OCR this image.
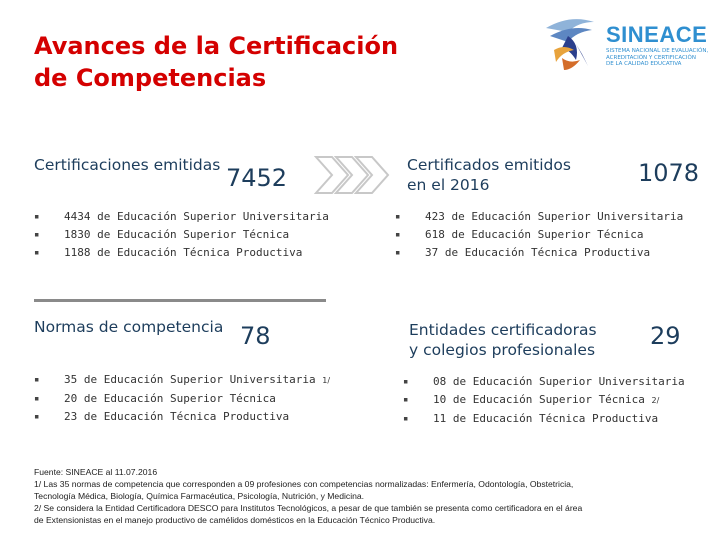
Avances de la Certificación
de Competencias
SINEACE
SISTEMA NACIONAL DE EVALUACIÓN,
ACREDITACIÓN Y CERTIFICACIÓN
DE LA CALIDAD EDUCATIVA
Certificaciones emitidas 7452
▪ 4434 de Educación Superior Universitaria
▪ 1830 de Educación Superior Técnica
▪ 1188 de Educación Técnica Productiva
Certificados emitidos
en el 2016	1078
▪ 423 de Educación Superior Universitaria
▪ 618 de Educación Superior Técnica
▪ 37 de Educación Técnica Productiva
Normas de competencia 78
▪ 35 de Educación Superior Universitaria 1/
▪ 20 de Educación Superior Técnica
▪ 23 de Educación Técnica Productiva
Entidades certificadoras
y colegios profesionales 29
▪ 08 de Educación Superior Universitaria
▪ 10 de Educación Superior Técnica 2/
▪ 11 de Educación Técnica Productiva
Fuente: SINEACE al 11.07.2016
1/ Las 35 normas de competencia que corresponden a 09 profesiones con competencias normalizadas: Enfermería, Odontología, Obstetricia,
Tecnología Médica, Biología, Química Farmacéutica, Psicología, Nutrición, y Medicina.
2/ Se considera la Entidad Certificadora DESCO para Institutos Tecnológicos, a pesar de que también se presenta como certificadora en el área
de Extensionistas en el manejo productivo de camélidos domésticos en la Educación Técnico Productiva.
